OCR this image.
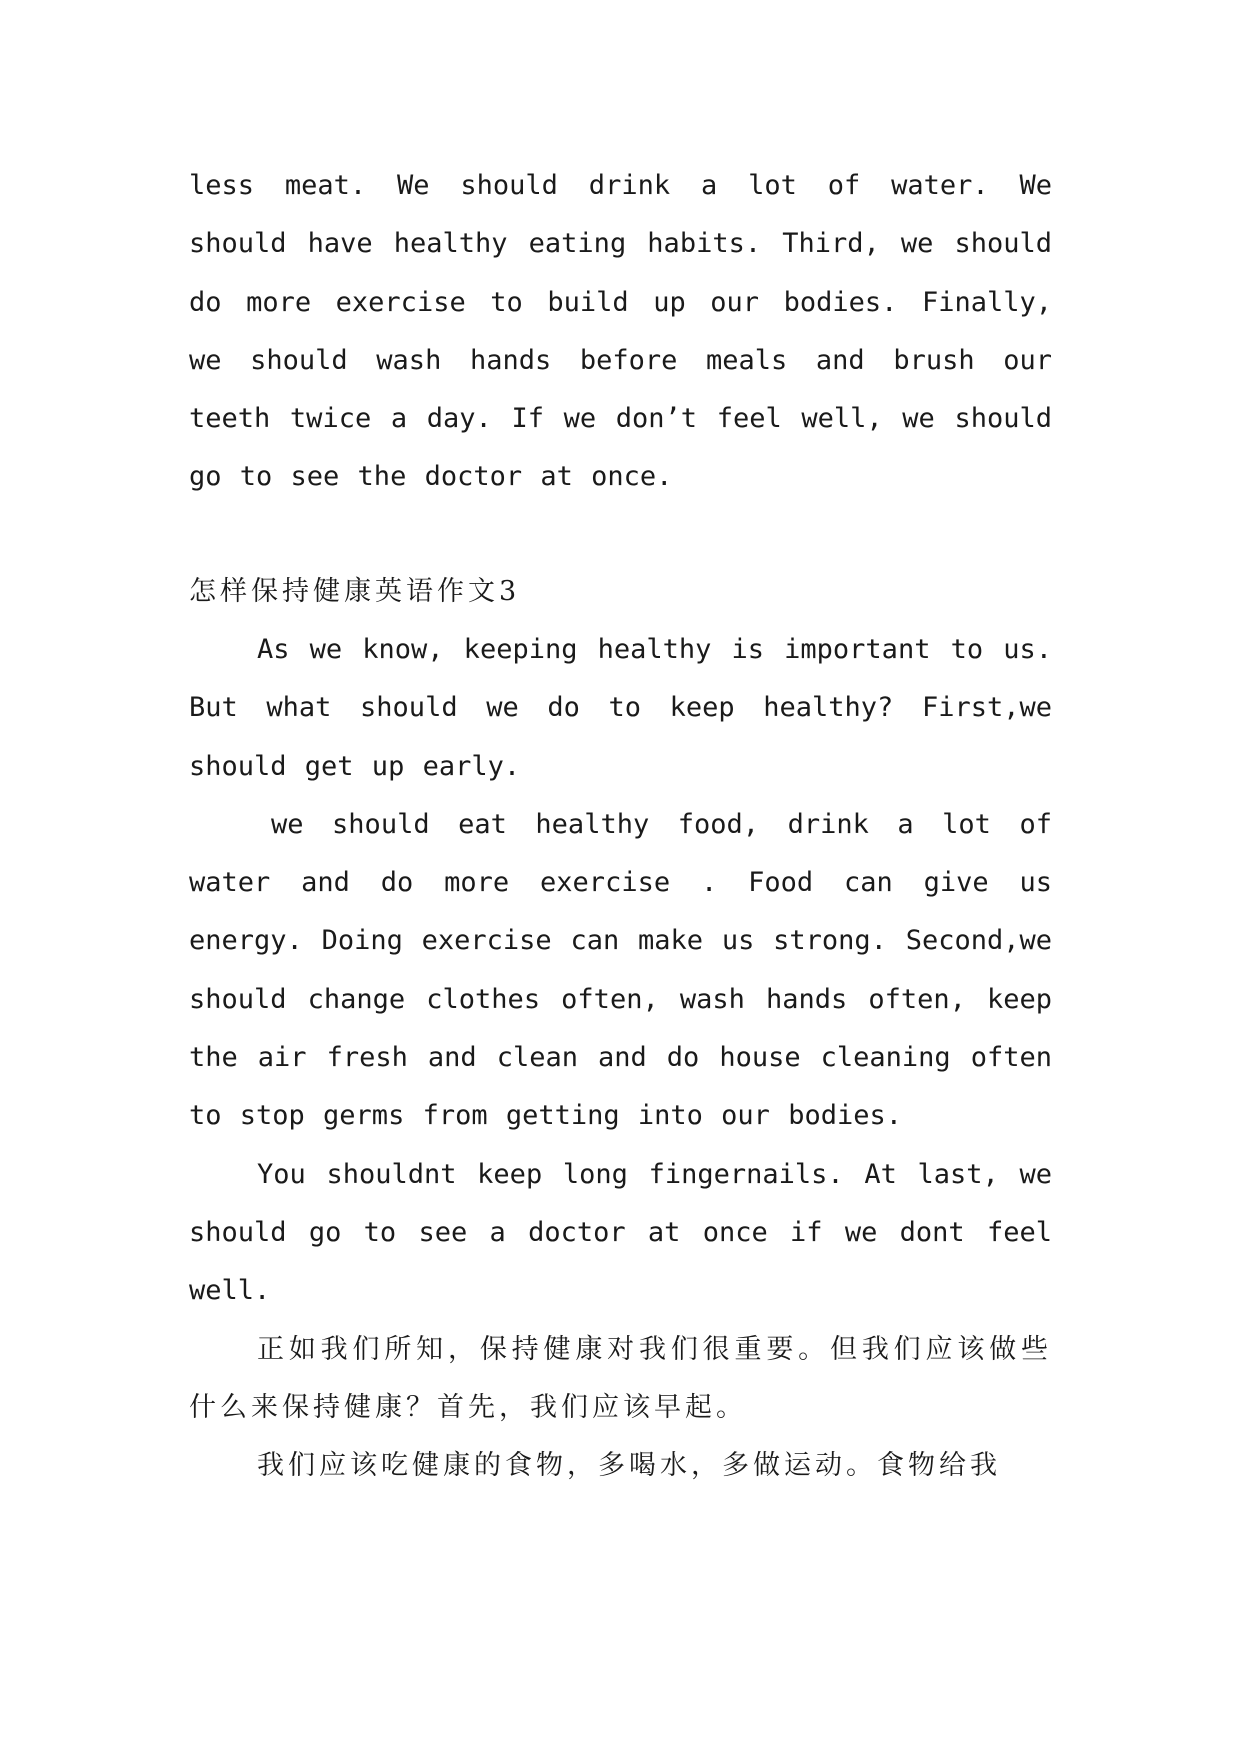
less meat. We should drink a lot of water. We should have healthy eating habits. Third, we should do more exercise to build up our bodies. Finally, we should wash hands before meals and brush our teeth twice a day. If we don’t feel well, we should go to see the doctor at once.

怎样保持健康英语作文3

As we know, keeping healthy is important to us. But what should we do to keep healthy? First,we should get up early.

we should eat healthy food, drink a lot of water and do more exercise . Food can give us energy. Doing exercise can make us strong. Second,we should change clothes often, wash hands often, keep the air fresh and clean and do house cleaning often to stop germs from getting into our bodies.

You shouldnt keep long fingernails. At last, we should go to see a doctor at once if we dont feel well.

正如我们所知，保持健康对我们很重要。但我们应该做些什么来保持健康？首先，我们应该早起。

我们应该吃健康的食物，多喝水，多做运动。食物给我
